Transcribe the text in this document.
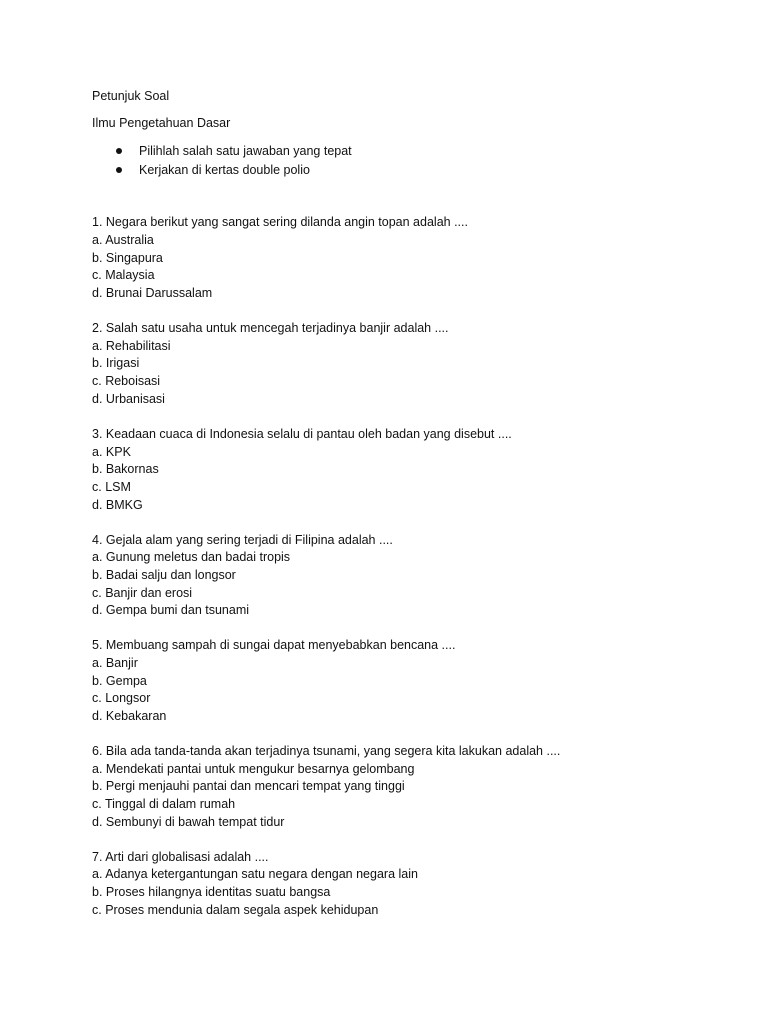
Petunjuk Soal
Ilmu Pengetahuan Dasar
Pilihlah salah satu jawaban yang tepat
Kerjakan di kertas double polio
1. Negara berikut yang sangat sering dilanda angin topan adalah ....
a. Australia
b. Singapura
c. Malaysia
d. Brunai Darussalam
2. Salah satu usaha untuk mencegah terjadinya banjir adalah ....
a. Rehabilitasi
b. Irigasi
c. Reboisasi
d. Urbanisasi
3. Keadaan cuaca di Indonesia selalu di pantau oleh badan yang disebut ....
a. KPK
b. Bakornas
c. LSM
d. BMKG
4. Gejala alam yang sering terjadi di Filipina adalah ....
a. Gunung meletus dan badai tropis
b. Badai salju dan longsor
c. Banjir dan erosi
d. Gempa bumi dan tsunami
5. Membuang sampah di sungai dapat menyebabkan bencana ....
a. Banjir
b. Gempa
c. Longsor
d. Kebakaran
6. Bila ada tanda-tanda akan terjadinya tsunami, yang segera kita lakukan adalah ....
a. Mendekati pantai untuk mengukur besarnya gelombang
b. Pergi menjauhi pantai dan mencari tempat yang tinggi
c. Tinggal di dalam rumah
d. Sembunyi di bawah tempat tidur
7. Arti dari globalisasi adalah ....
a. Adanya ketergantungan satu negara dengan negara lain
b. Proses hilangnya identitas suatu bangsa
c. Proses mendunia dalam segala aspek kehidupan
